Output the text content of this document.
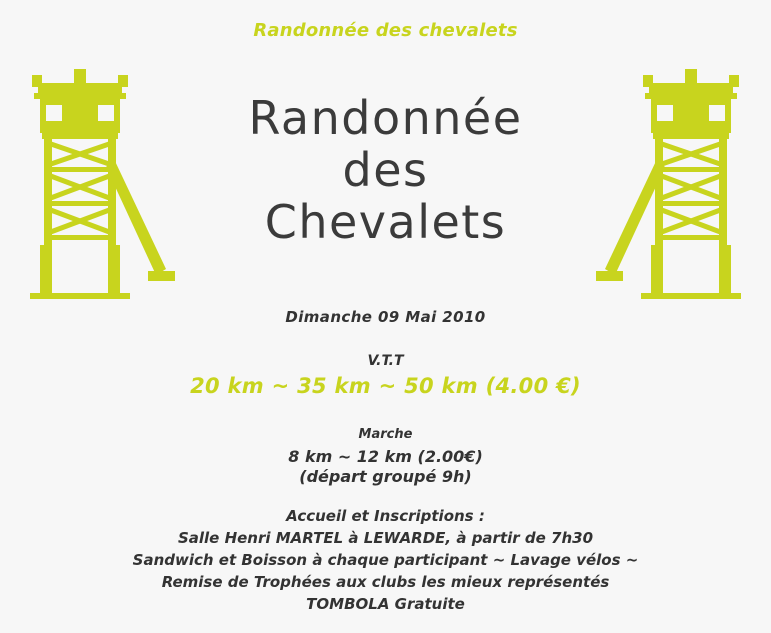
Randonnée des chevalets
Randonnée
des
Chevalets
Dimanche 09 Mai 2010
V.T.T
20 km ~ 35 km ~ 50 km (4.00 €)
Marche
8 km ~ 12 km (2.00€)
(départ groupé 9h)
Accueil et Inscriptions :
Salle Henri MARTEL à LEWARDE, à partir de 7h30
Sandwich et Boisson à chaque participant ~ Lavage vélos ~
Remise de Trophées aux clubs les mieux représentés
TOMBOLA Gratuite
